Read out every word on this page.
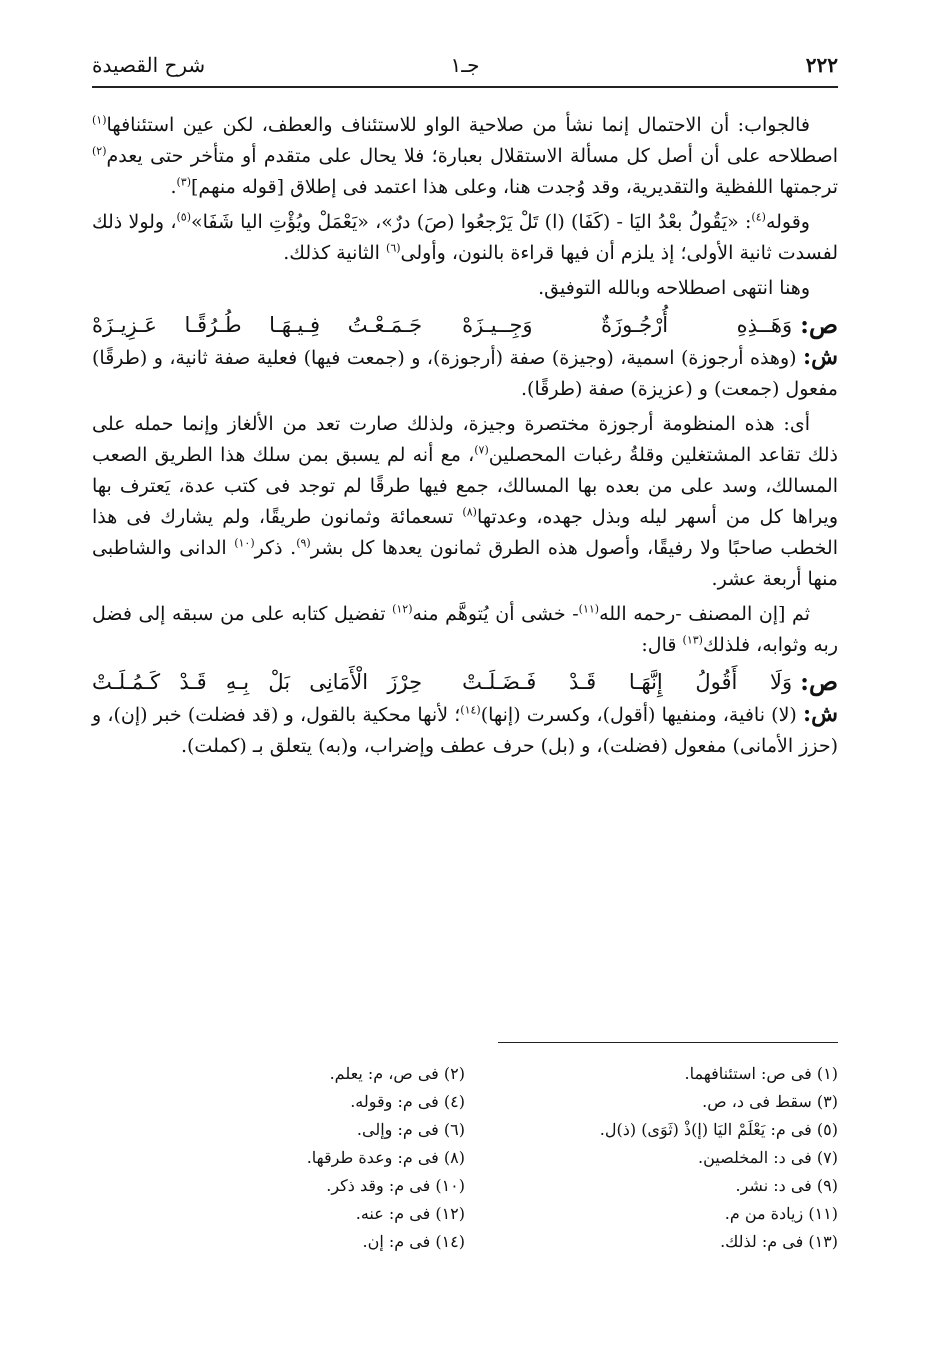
٢٢٢
جـ١
شرح القصيدة

فالجواب: أن الاحتمال إنما نشأ من صلاحية الواو للاستئناف والعطف، لكن عين استئنافها$^{(١)}$ اصطلاحه على أن أصل كل مسألة الاستقلال بعبارة؛ فلا يحال على متقدم أو متأخر حتى يعدم$^{(٢)}$ ترجمتها اللفظية والتقديرية، وقد وُجدت هنا، وعلى هذا اعتمد فى إطلاق [قوله منهم]$^{(٣)}$.

وقوله$^{(٤)}$: «يَقُولُ بعْدُ اليَا - (كَفَا) (ا) تَلْ يَرْجعُوا (صَ) درٌ»، «يَعْمَلْ ويُؤْتِ اليا شَفَا»$^{(٥)}$، ولولا ذلك لفسدت ثانية الأولى؛ إذ يلزم أن فيها قراءة بالنون، وأولى$^{(٦)}$ الثانية كذلك.

وهنا انتهى اصطلاحه وبالله التوفيق.

ص:
وَهَــذِهِ أُرْجُـوزَةٌ وَجِــيـزَهْ
جَـمَـعْـتُ فِـيـهَـا طُـرُقًـا عَـزِيـزَهْ

ش: (وهذه أرجوزة) اسمية، (وجيزة) صفة (أرجوزة)، و (جمعت فيها) فعلية صفة ثانية، و (طرقًا) مفعول (جمعت) و (عزيزة) صفة (طرقًا).

أى: هذه المنظومة أرجوزة مختصرة وجيزة، ولذلك صارت تعد من الألغاز وإنما حمله على ذلك تقاعد المشتغلين وقلةُ رغبات المحصلين$^{(٧)}$، مع أنه لم يسبق بمن سلك هذا الطريق الصعب المسالك، وسد على من بعده بها المسالك، جمع فيها طرقًا لم توجد فى كتب عدة، يَعترف بها ويراها كل من أسهر ليله وبذل جهده، وعدتها$^{(٨)}$ تسعمائة وثمانون طريقًا، ولم يشارك فى هذا الخطب صاحبًا ولا رفيقًا، وأصول هذه الطرق ثمانون يعدها كل بشر$^{(٩)}$. ذكر$^{(١٠)}$ الدانى والشاطبى منها أربعة عشر.

ثم [إن المصنف -رحمه الله$^{(١١)}$- خشى أن يُتوهَّم منه$^{(١٢)}$ تفضيل كتابه على من سبقه إلى فضل ربه وثوابه، فلذلك$^{(١٣)}$ قال:

ص:
وَلَا أَقُولُ إِنَّهَـا قَـدْ فَـضَـلَـتْ
حِرْزَ الْأَمَانِى بَلْ بِـهِ قَـدْ كَـمُـلَـتْ

ش: (لا) نافية، ومنفيها (أقول)، وكسرت (إنها)$^{(١٤)}$؛ لأنها محكية بالقول، و (قد فضلت) خبر (إن)، و (حزز الأمانى) مفعول (فضلت)، و (بل) حرف عطف وإضراب، و(به) يتعلق بـ (كملت).

(١) فى ص: استئنافهما.
(٣) سقط فى د، ص.
(٥) فى م: يَعْلَمْ اليَا (إ)ذْ (ثَوَى) (ذ)ل.
(٧) فى د: المخلصين.
(٩) فى د: نشر.
(١١) زيادة من م.
(١٣) فى م: لذلك.
(٢) فى ص، م: يعلم.
(٤) فى م: وقوله.
(٦) فى م: وإلى.
(٨) فى م: وعدة طرقها.
(١٠) فى م: وقد ذكر.
(١٢) فى م: عنه.
(١٤) فى م: إن.
